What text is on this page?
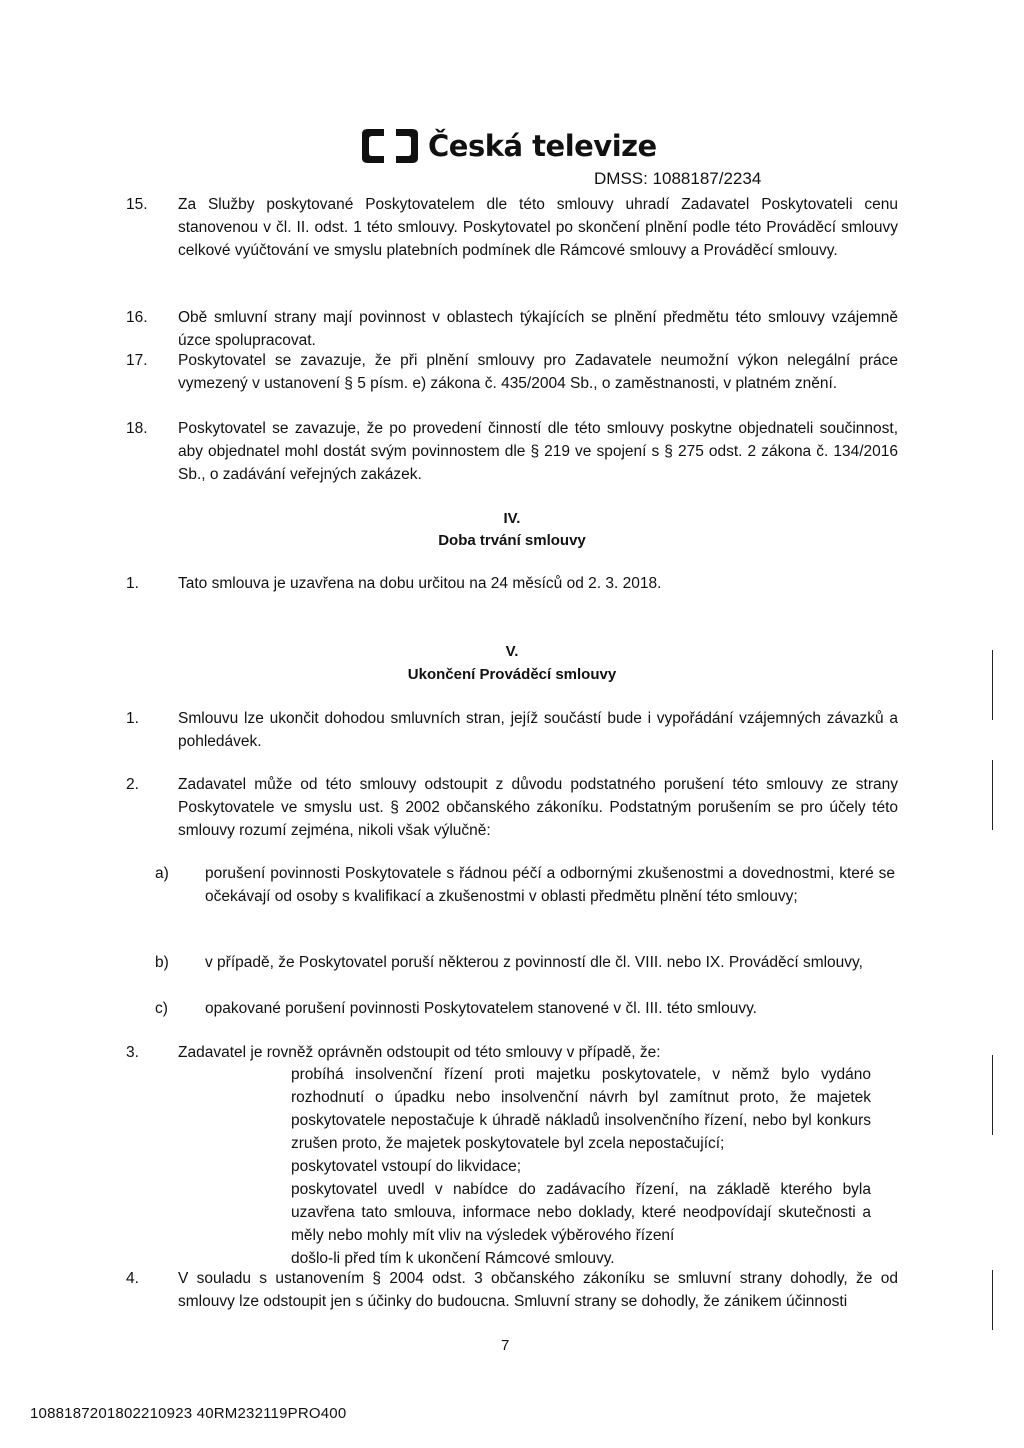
Česká televize
DMSS: 1088187/2234
15. Za Služby poskytované Poskytovatelem dle této smlouvy uhradí Zadavatel Poskytovateli cenu stanovenou v čl. II. odst. 1 této smlouvy. Poskytovatel po skončení plnění podle této Prováděcí smlouvy celkové vyúčtování ve smyslu platebních podmínek dle Rámcové smlouvy a Prováděcí smlouvy.
16. Obě smluvní strany mají povinnost v oblastech týkajících se plnění předmětu této smlouvy vzájemně úzce spolupracovat.
17. Poskytovatel se zavazuje, že při plnění smlouvy pro Zadavatele neumožní výkon nelegální práce vymezený v ustanovení § 5 písm. e) zákona č. 435/2004 Sb., o zaměstnanosti, v platném znění.
18. Poskytovatel se zavazuje, že po provedení činností dle této smlouvy poskytne objednateli součinnost, aby objednatel mohl dostát svým povinnostem dle § 219 ve spojení s § 275 odst. 2 zákona č. 134/2016 Sb., o zadávání veřejných zakázek.
IV.
Doba trvání smlouvy
1.	Tato smlouva je uzavřena na dobu určitou na 24 měsíců od 2. 3. 2018.
V.
Ukončení Prováděcí smlouvy
1.	Smlouvu lze ukončit dohodou smluvních stran, jejíž součástí bude i vypořádání vzájemných závazků a pohledávek.
2.	Zadavatel může od této smlouvy odstoupit z důvodu podstatného porušení této smlouvy ze strany Poskytovatele ve smyslu ust. § 2002 občanského zákoníku. Podstatným porušením se pro účely této smlouvy rozumí zejména, nikoli však výlučně:
a) porušení povinnosti Poskytovatele s řádnou péčí a odbornými zkušenostmi a dovednostmi, které se očekávají od osoby s kvalifikací a zkušenostmi v oblasti předmětu plnění této smlouvy;
b) v případě, že Poskytovatel poruší některou z povinností dle čl. VIII. nebo IX. Prováděcí smlouvy,
c) opakované porušení povinnosti Poskytovatelem stanovené v čl. III. této smlouvy.
3.	Zadavatel je rovněž oprávněn odstoupit od této smlouvy v případě, že:
probíhá insolvenční řízení proti majetku poskytovatele, v němž bylo vydáno rozhodnutí o úpadku nebo insolvenční návrh byl zamítnut proto, že majetek poskytovatele nepostačuje k úhradě nákladů insolvenčního řízení, nebo byl konkurs zrušen proto, že majetek poskytovatele byl zcela nepostačující;
poskytovatel vstoupí do likvidace;
poskytovatel uvedl v nabídce do zadávacího řízení, na základě kterého byla uzavřena tato smlouva, informace nebo doklady, které neodpovídají skutečnosti a měly nebo mohly mít vliv na výsledek výběrového řízení
došlo-li před tím k ukončení Rámcové smlouvy.
4.	V souladu s ustanovením § 2004 odst. 3 občanského zákoníku se smluvní strany dohodly, že od smlouvy lze odstoupit jen s účinky do budoucna. Smluvní strany se dohodly, že zánikem účinnosti
7
1088187201802210923 40RM232119PRO400
